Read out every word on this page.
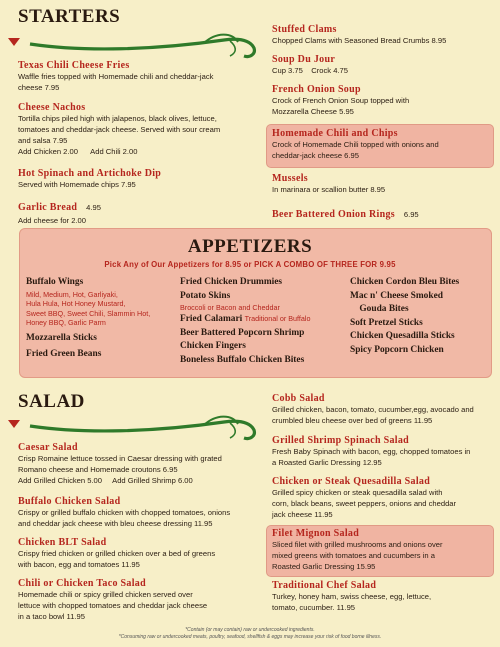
STARTERS
Texas Chili Cheese Fries
Waffle fries topped with Homemade chili and cheddar-jack
cheese 7.95
Cheese Nachos
Tortilla chips piled high with jalapenos, black olives, lettuce,
tomatoes and cheddar-jack cheese. Served with sour cream
and salsa 7.95
Add Chicken 2.00      Add Chili 2.00
Hot Spinach and Artichoke Dip
Served with Homemade chips 7.95
Garlic Bread 4.95
Add cheese for 2.00
Stuffed Clams
Chopped Clams with Seasoned Bread Crumbs 8.95
Soup Du Jour
Cup 3.75    Crock 4.75
French Onion Soup
Crock of French Onion Soup topped with
Mozzarella Cheese 5.95
Homemade Chili and Chips
Crock of Homemade Chili topped with onions and
cheddar-jack cheese 6.95
Mussels
In marinara or scallion butter 8.95
Beer Battered Onion Rings 6.95
APPETIZERS
Pick Any of Our Appetizers for 8.95 or PICK A COMBO OF THREE FOR 9.95
Buffalo Wings
Mild, Medium, Hot, Garliyaki,
Hula Hula, Hot Honey Mustard,
Sweet BBQ, Sweet Chili, Slammin Hot,
Honey BBQ, Garlic Parm
Mozzarella Sticks
Fried Green Beans
Fried Chicken Drummies
Potato Skins
Broccoli or Bacon and Cheddar
Fried Calamari Traditional or Buffalo
Beer Battered Popcorn Shrimp
Chicken Fingers
Boneless Buffalo Chicken Bites
Chicken Cordon Bleu Bites
Mac n' Cheese Smoked
Gouda Bites
Soft Pretzel Sticks
Chicken Quesadilla Sticks
Spicy Popcorn Chicken
SALAD
Caesar Salad
Crisp Romaine lettuce tossed in Caesar dressing with grated
Romano cheese and Homemade croutons 6.95
Add Grilled Chicken 5.00     Add Grilled Shrimp 6.00
Buffalo Chicken Salad
Crispy or grilled buffalo chicken with chopped tomatoes, onions
and cheddar jack cheese with bleu cheese dressing 11.95
Chicken BLT Salad
Crispy fried chicken or grilled chicken over a bed of greens
with bacon, egg and tomatoes 11.95
Chili or Chicken Taco Salad
Homemade chili or spicy grilled chicken served over
lettuce with chopped tomatoes and cheddar jack cheese
in a taco bowl 11.95
Cobb Salad
Grilled chicken, bacon, tomato, cucumber,egg, avocado and
crumbled bleu cheese over bed of greens 11.95
Grilled Shrimp Spinach Salad
Fresh Baby Spinach with bacon, egg, chopped tomatoes in
a Roasted Garlic Dressing 12.95
Chicken or Steak Quesadilla Salad
Grilled spicy chicken or steak quesadilla salad with
corn, black beans, sweet peppers, onions and cheddar
jack cheese 11.95
Filet Mignon Salad
Sliced filet with grilled mushrooms and onions over
mixed greens with tomatoes and cucumbers in a
Roasted Garlic Dressing 15.95
Traditional Chef Salad
Turkey, honey ham, swiss cheese, egg, lettuce,
tomato, cucumber. 11.95
*Contain (or may contain) raw or undercooked ingredients.
*Consuming raw or undercooked meats, poultry, seafood, shellfish & eggs may increase your risk of food borne illness.
